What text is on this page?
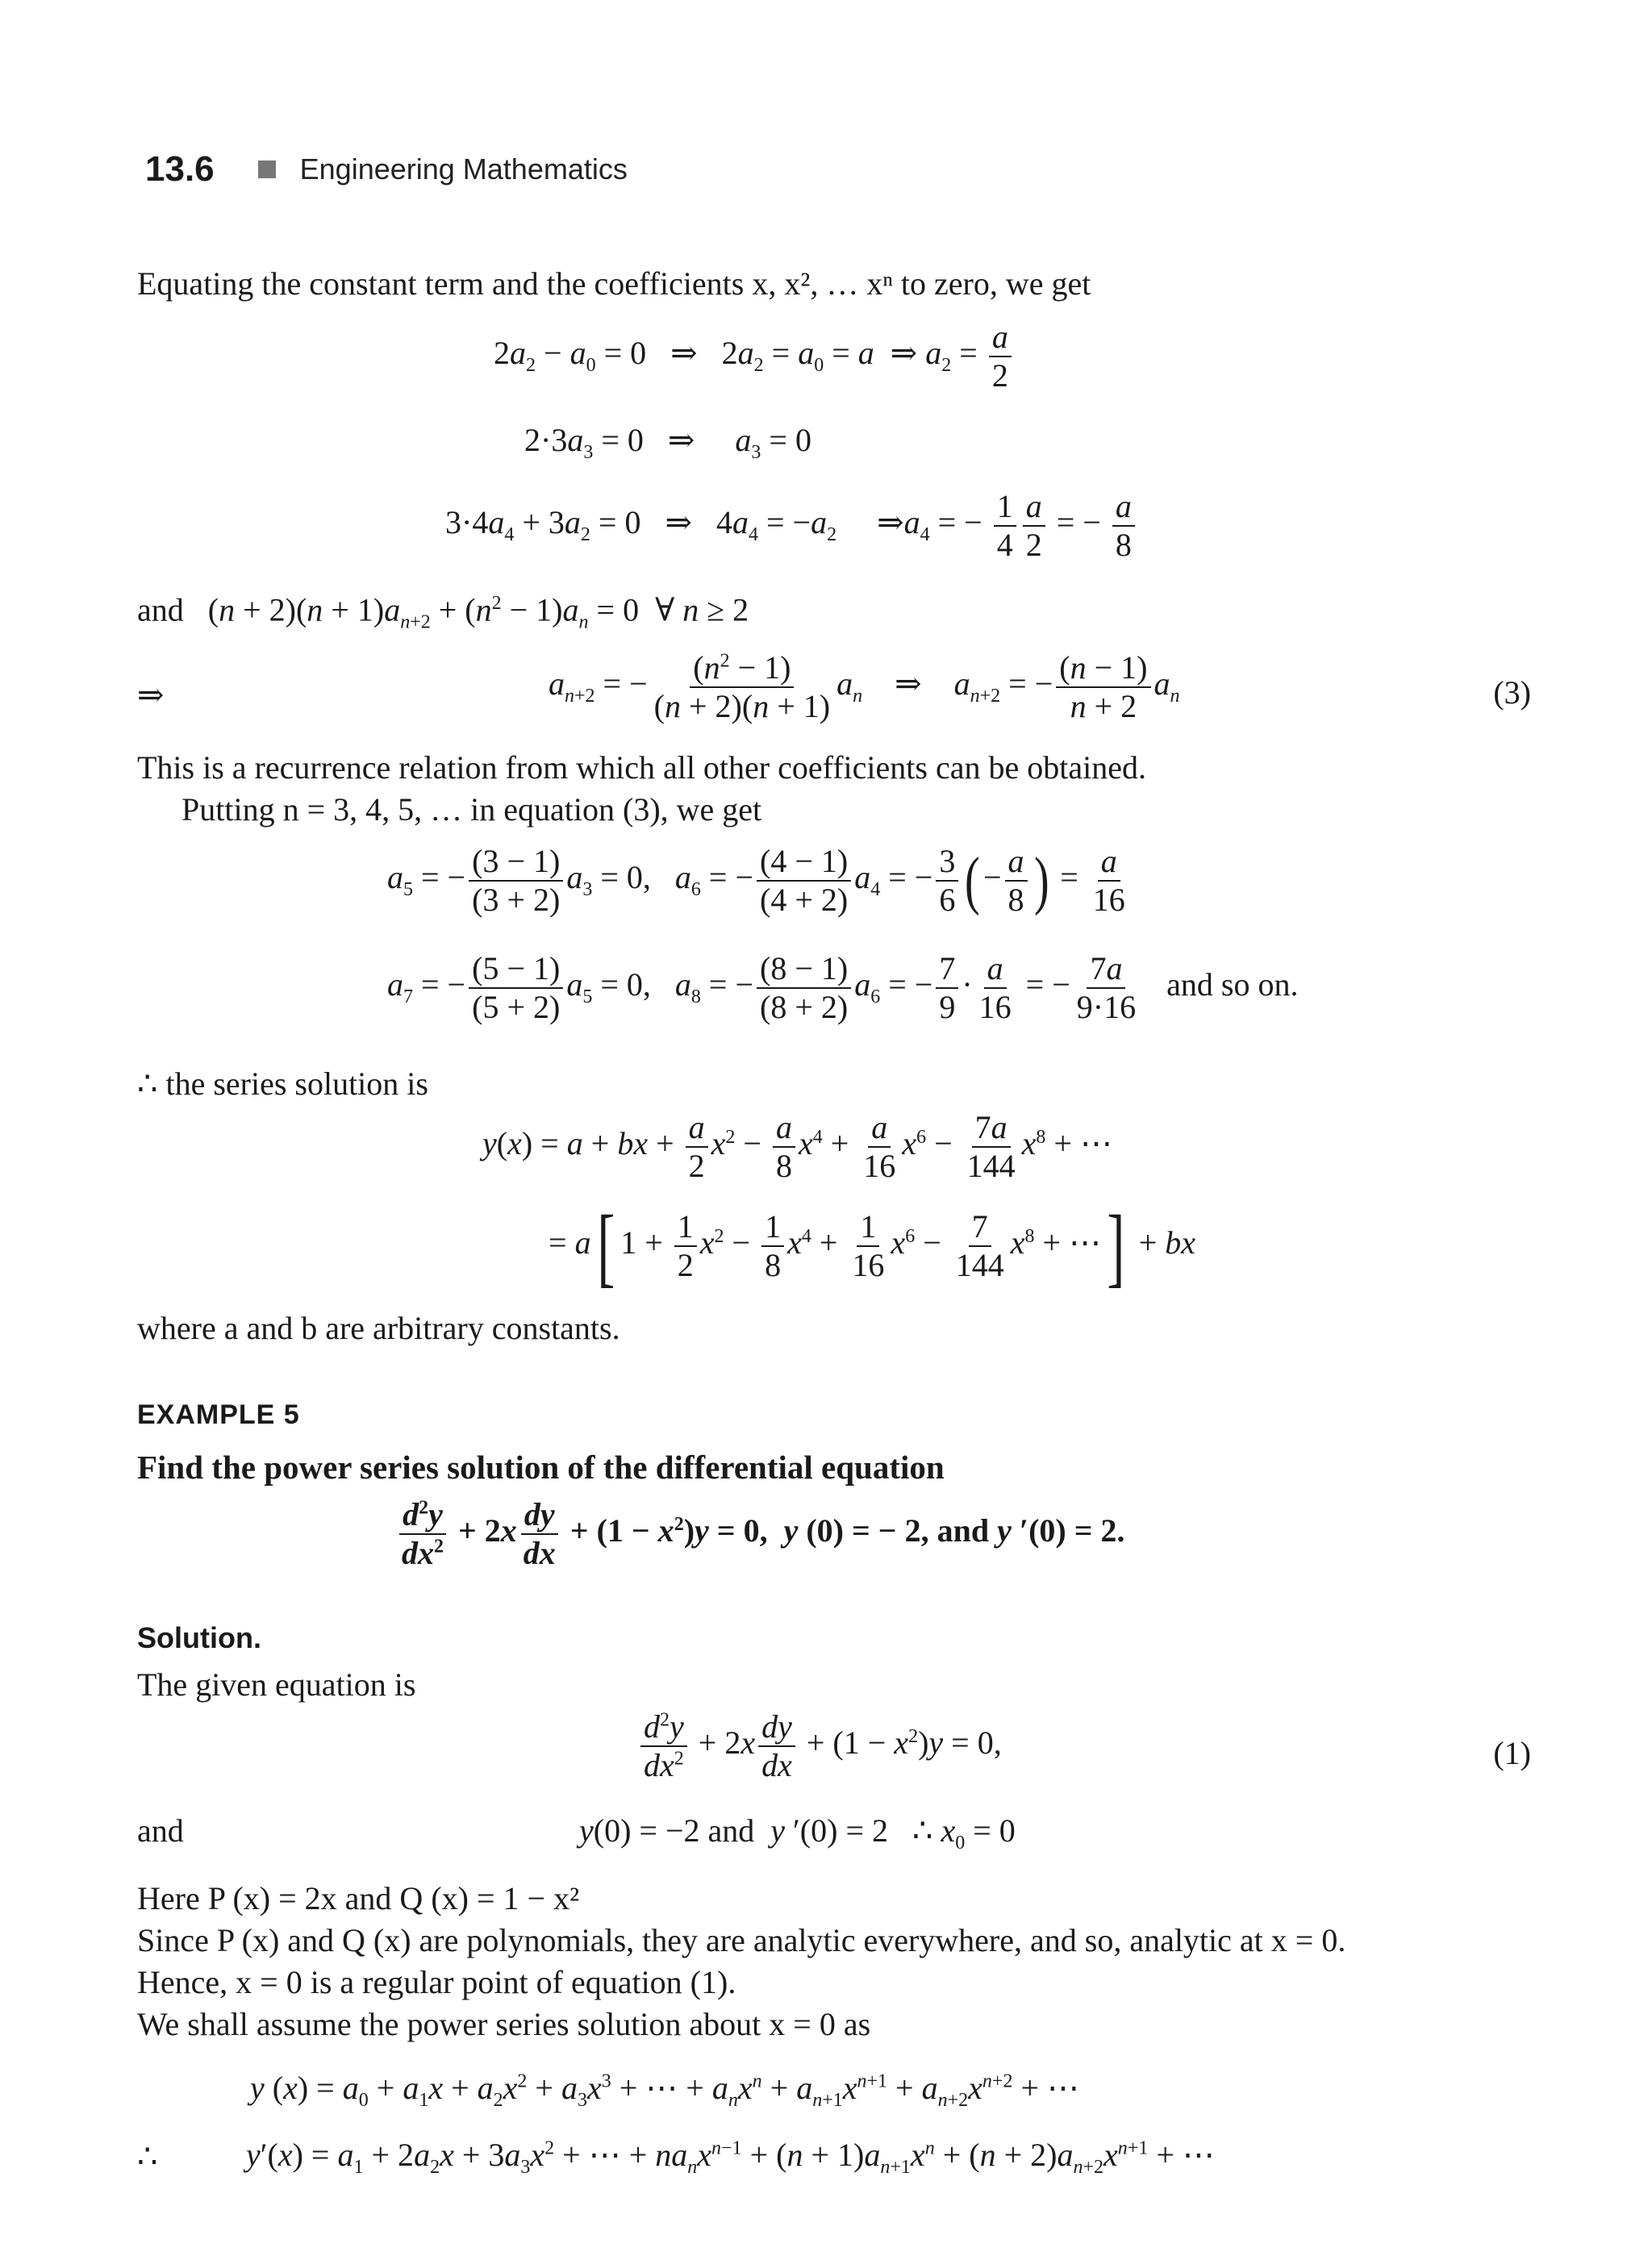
13.6	Engineering Mathematics
Equating the constant term and the coefficients x, x², … xⁿ to zero, we get
$2a_2 - a_0 = 0$   ⇒   $2a_2 = a_0 = a$  ⇒ $a_2 = \frac{a}{2}$
$2\cdot 3a_3 = 0$   ⇒     $a_3 = 0$
$3\cdot 4a_4 + 3a_2 = 0$   ⇒   $4a_4 = -a_2$     $\Rightarrow a_4$ = − $\frac{1}{4} \frac{a}{2}$ = − $\frac{a}{8}$
and   $(n + 2)(n + 1)a_{n+2} + (n^2 - 1)a_n = 0$  ∀ n ≥ 2
⇒	$a_{n+2}$ = − $\frac{(n^2 - 1)}{(n + 2)(n + 1)} a_n$    ⇒    $a_{n+2}$ = − $\frac{(n - 1)}{n + 2} a_n$	(3)
This is a recurrence relation from which all other coefficients can be obtained.
Putting n = 3, 4, 5, … in equation (3), we get
$a_5$ = − $\frac{(3 - 1)}{(3 + 2)} a_3 = 0$,   $a_6$ = − $\frac{(4 - 1)}{(4 + 2)} a_4$ = − $\frac{3}{6}$ (− $\frac{a}{8}$ ) = $\frac{a}{16}$
$a_7$ = − $\frac{(5 - 1)}{(5 + 2)} a_5 = 0$,   $a_8$ = − $\frac{(8 - 1)}{(8 + 2)} a_6$ = − $\frac{7}{9} \cdot \frac{a}{16}$ = − $\frac{7a}{9\cdot 16}$ and so on.
∴ the series solution is
y(x) = a + bx + $\frac{a}{2} x^2 - \frac{a}{8} x^4 + \frac{a}{16} x^6 - \frac{7a}{144} x^8$ + ⋯
= a[ $1 + \frac{1}{2} x^2 - \frac{1}{8} x^4 + \frac{1}{16} x^6 - \frac{7}{144} x^8$ + ⋯] + bx
where a and b are arbitrary constants.
EXAMPLE 5
Find the power series solution of the differential equation
$\frac{d^2y}{dx^2} + 2x \frac{dy}{dx} + (1 - x^2)y = 0$,  y (0) = − 2, and y ′(0) = 2.
Solution.
The given equation is
$\frac{d^2y}{dx^2} + 2x \frac{dy}{dx} + (1 - x^2)y = 0$,	(1)
and	y(0) = −2 and  y ′(0) = 2   ∴ $x_0 = 0$
Here P (x) = 2x and Q (x) = 1 − x²
Since P (x) and Q (x) are polynomials, they are analytic everywhere, and so, analytic at x = 0.
Hence, x = 0 is a regular point of equation (1).
We shall assume the power series solution about x = 0 as
y $(x) = a_0 + a_1x + a_2x^2 + a_3x^3$ + ⋯ + $a_nx^n + a_{n+1}x^{n+1} + a_{n+2}x^{n+2}$ + ⋯
∴	$y'(x) = a_1 + 2a_2x + 3a_3x^2$ + ⋯ + $na_nx^{n-1} + (n + 1)a_{n+1}x^n + (n + 2)a_{n+2}x^{n+1}$ + ⋯
